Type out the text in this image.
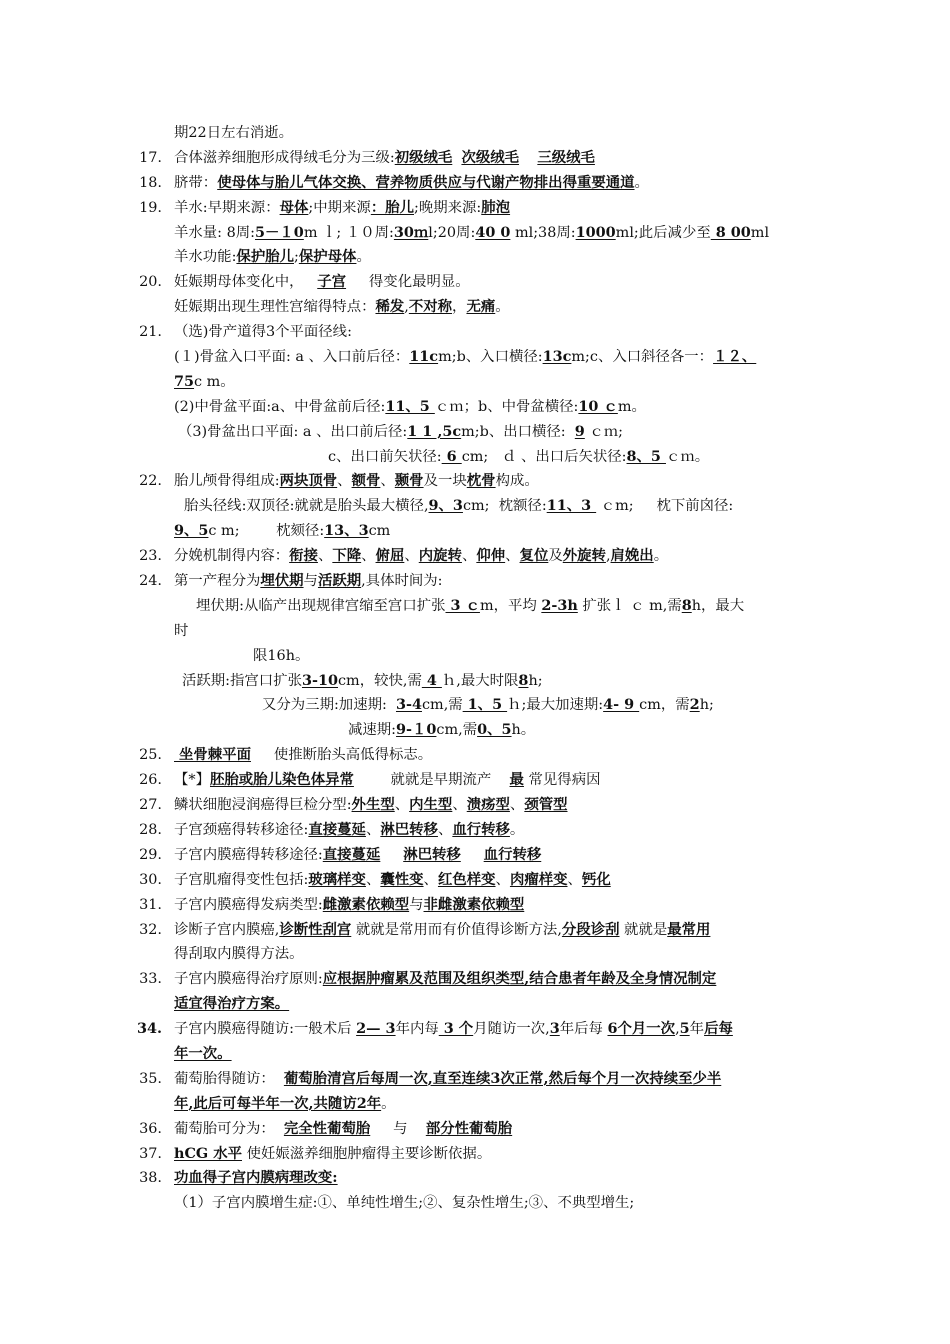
期22日左右消逝。
17. 合体滋养细胞形成得绒毛分为三级:初级绒毛 次级绒毛 三级绒毛
18. 脐带：使母体与胎儿气体交换、营养物质供应与代谢产物排出得重要通道。
19. 羊水:早期来源：母体;中期来源：胎儿;晚期来源:肺泡
羊水量: 8周:5－１0m ｌ; １０周:30ｍl;20周:40 0 ml;38周:1000ml;此后减少至 8 00ml
羊水功能:保护胎儿;保护母体。
20. 妊娠期母体变化中，   子宫     得变化最明显。
妊娠期出现生理性宫缩得特点：稀发,不对称，无痛。
21. （选)骨产道得3个平面径线:
(１)骨盆入口平面: a 、入口前后径：11cm;b、入口横径:13cm;c、入口斜径各一：１２、
75c m。
(2)中骨盆平面:a、中骨盆前后径:11、5 ｃｍ；b、中骨盆横径:10 ｃm。
（3)骨盆出口平面: a 、出口前后径:1 1 ,5cm;b、出口横径:  9 ｃｍ;
c、出口前矢状径: 6 cm;   ｄ 、出口后矢状径:8、5 ｃｍ。
22. 胎儿颅骨得组成:两块顶骨、额骨、颞骨及一块枕骨构成。
胎头径线:双顶径:就就是胎头最大横径,9、3cm;  枕额径:11、3  ｃm;     枕下前囟径:
9、5c m;        枕颏径:13、3cm
23. 分娩机制得内容：衔接、下降、俯屈、内旋转、仰伸、复位及外旋转,肩娩出。
24. 第一产程分为埋伏期与活跃期,具体时间为:
埋伏期:从临产出现规律宫缩至宫口扩张 3 ｃm，平均 2-3h 扩张ｌ ｃ m,需8h，最大
时
限16h。
活跃期:指宫口扩张3-10cm，较快,需 4 ｈ,最大时限8h;
又分为三期:加速期:  3-4cm,需 1、5 ｈ;最大加速期:4- 9 cm，需2h;
减速期:9-１0cm,需0、5h。
25. 坐骨棘平面     使推断胎头高低得标志。
26. 【*】胚胎或胎儿染色体异常        就就是早期流产    最 常见得病因
27. 鳞状细胞浸润癌得巨检分型:外生型、内生型、溃疡型、颈管型
28. 子宫颈癌得转移途径:直接蔓延、淋巴转移、血行转移。
29. 子宫内膜癌得转移途径:直接蔓延 淋巴转移 血行转移
30. 子宫肌瘤得变性包括:玻璃样变、囊性变、红色样变、肉瘤样变、钙化
31. 子宫内膜癌得发病类型:雌激素依赖型与非雌激素依赖型
32. 诊断子宫内膜癌,诊断性刮宫 就就是常用而有价值得诊断方法,分段诊刮 就就是最常用
得刮取内膜得方法。
33. 子宫内膜癌得治疗原则:应根据肿瘤累及范围及组织类型,结合患者年龄及全身情况制定
适宜得治疗方案。
34. 子宫内膜癌得随访:一般术后 2— 3年内每 3 个月随访一次,3年后每 6个月一次,5年后每
年一次。
35. 葡萄胎得随访：  葡萄胎清宫后每周一次,直至连续3次正常,然后每个月一次持续至少半
年,此后可每半年一次,共随访2年。
36. 葡萄胎可分为：  完全性葡萄胎     与    部分性葡萄胎
37. hCG 水平 使妊娠滋养细胞肿瘤得主要诊断依据。
38. 功血得子宫内膜病理改变:
（1）子宫内膜增生症:①、单纯性增生;②、复杂性增生;③、不典型增生;
